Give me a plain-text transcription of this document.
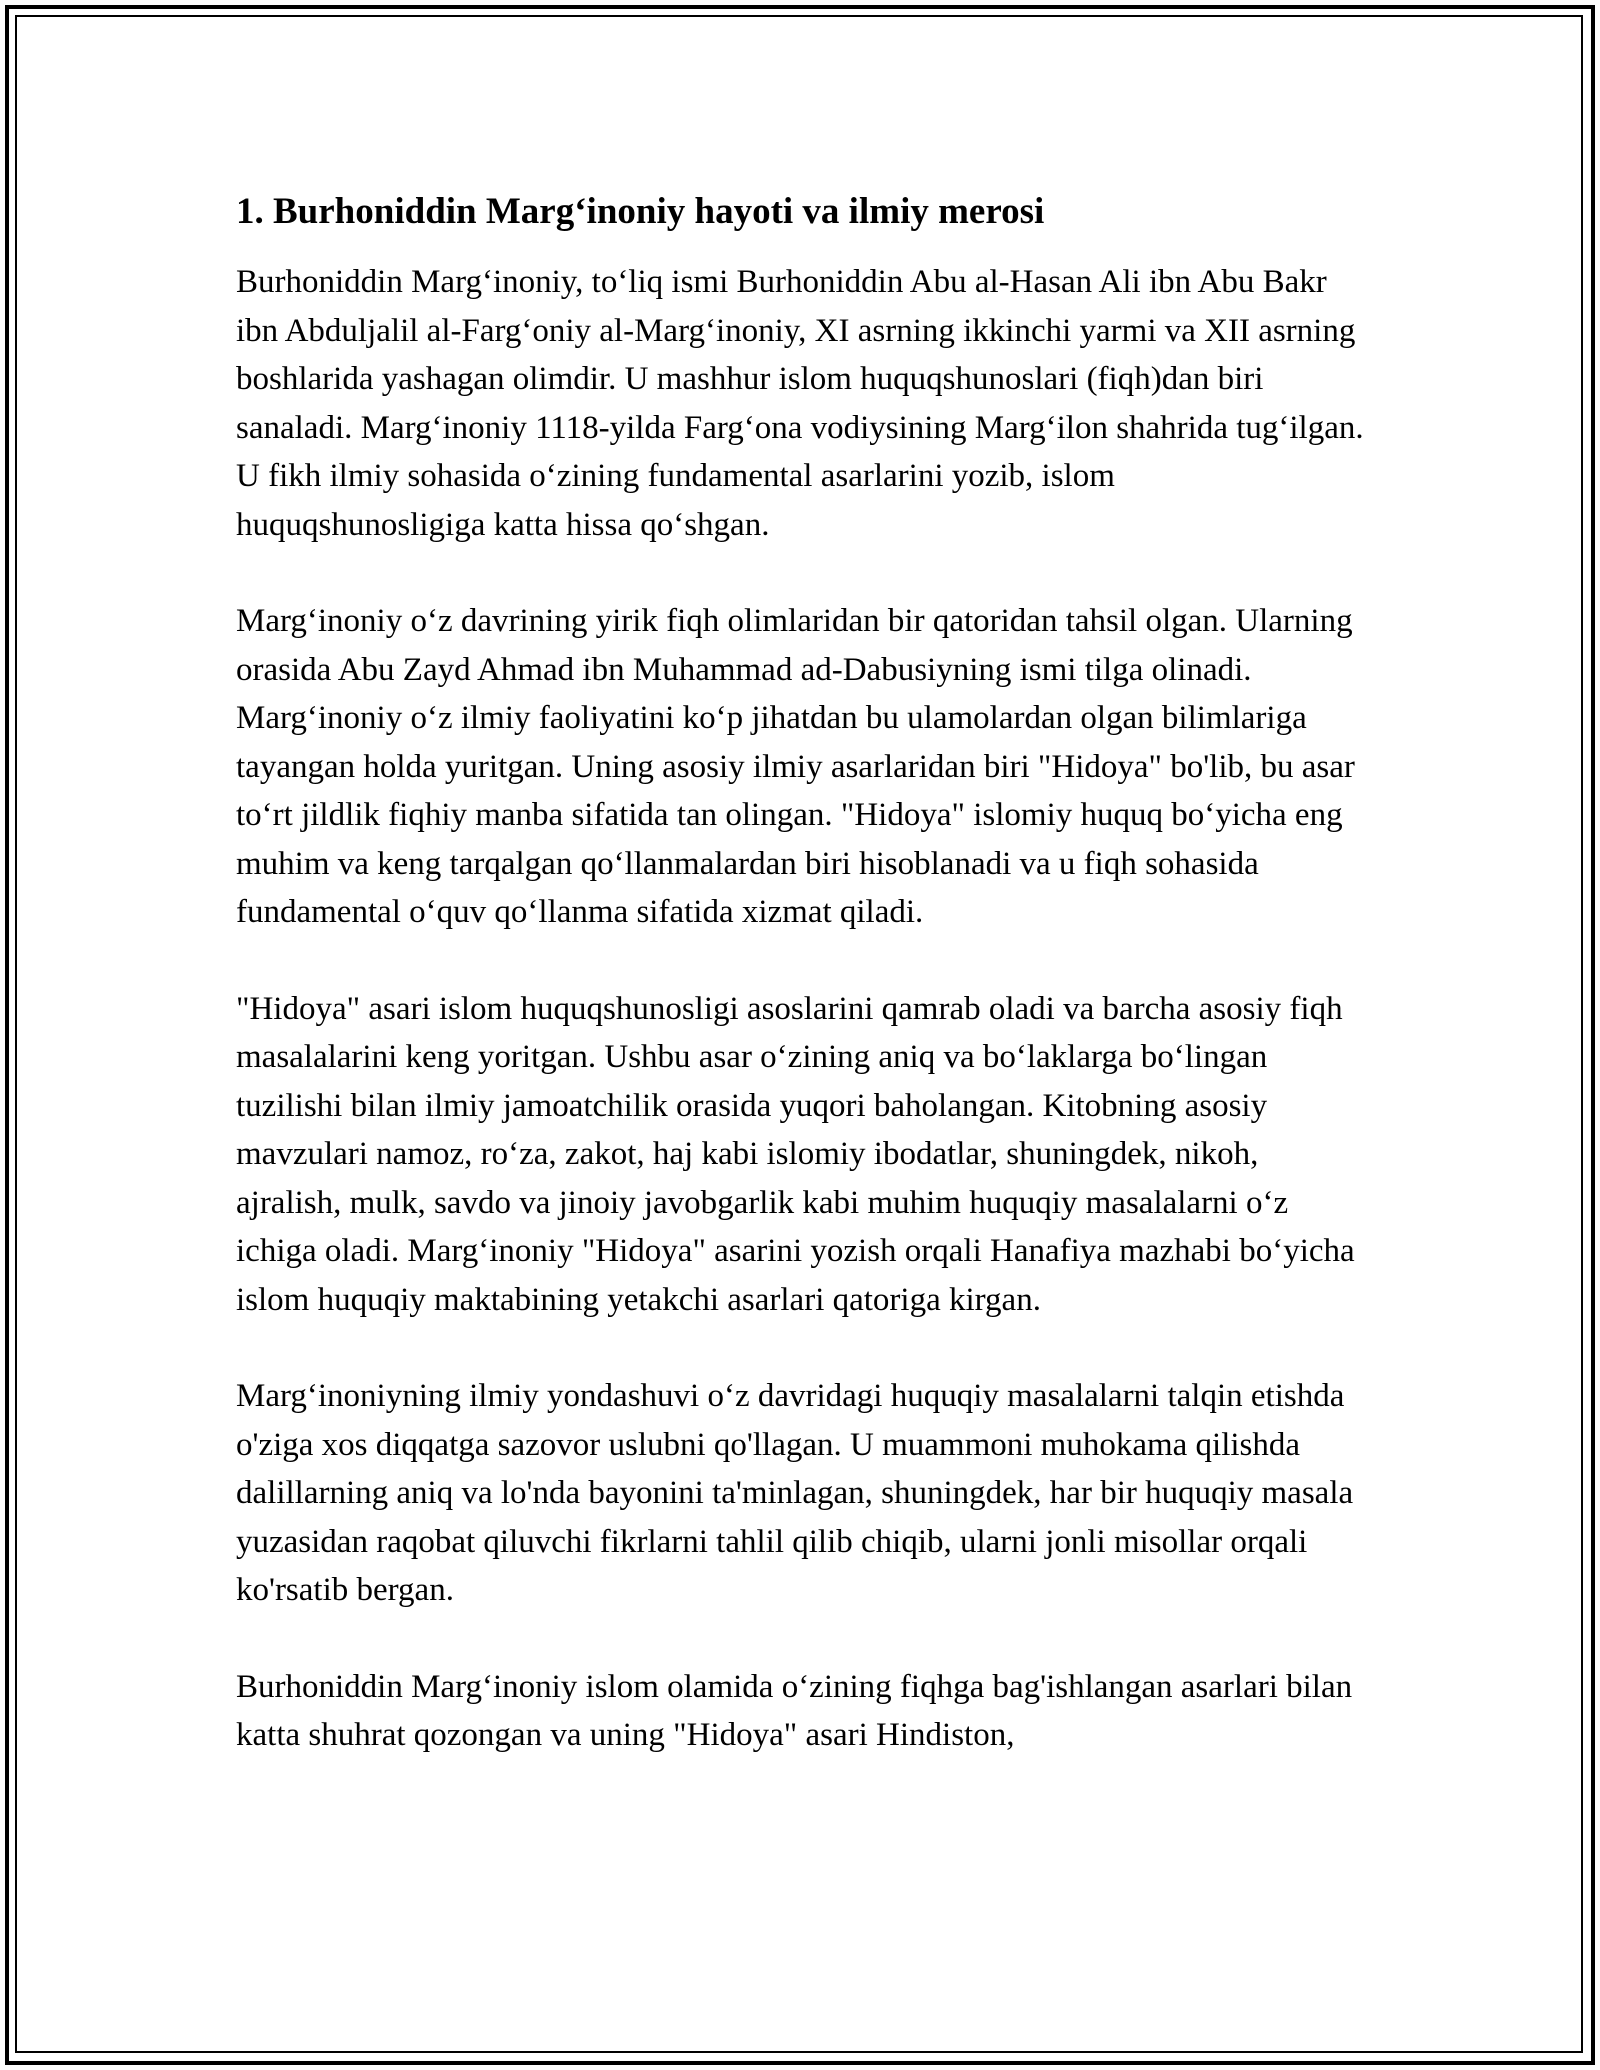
1. Burhoniddin Marg‘inoniy hayoti va ilmiy merosi

Burhoniddin Marg‘inoniy, to‘liq ismi Burhoniddin Abu al-Hasan Ali ibn Abu Bakr ibn Abduljalil al-Farg‘oniy al-Marg‘inoniy, XI asrning ikkinchi yarmi va XII asrning boshlarida yashagan olimdir. U mashhur islom huquqshunoslari (fiqh)dan biri sanaladi. Marg‘inoniy 1118-yilda Farg‘ona vodiysining Marg‘ilon shahrida tug‘ilgan. U fikh ilmiy sohasida o‘zining fundamental asarlarini yozib, islom huquqshunosligiga katta hissa qo‘shgan.

Marg‘inoniy o‘z davrining yirik fiqh olimlaridan bir qatoridan tahsil olgan. Ularning orasida Abu Zayd Ahmad ibn Muhammad ad-Dabusiyning ismi tilga olinadi. Marg‘inoniy o‘z ilmiy faoliyatini ko‘p jihatdan bu ulamolardan olgan bilimlariga tayangan holda yuritgan. Uning asosiy ilmiy asarlaridan biri "Hidoya" bo'lib, bu asar to‘rt jildlik fiqhiy manba sifatida tan olingan. "Hidoya" islomiy huquq bo‘yicha eng muhim va keng tarqalgan qo‘llanmalardan biri hisoblanadi va u fiqh sohasida fundamental o‘quv qo‘llanma sifatida xizmat qiladi.

"Hidoya" asari islom huquqshunosligi asoslarini qamrab oladi va barcha asosiy fiqh masalalarini keng yoritgan. Ushbu asar o‘zining aniq va bo‘laklarga bo‘lingan tuzilishi bilan ilmiy jamoatchilik orasida yuqori baholangan. Kitobning asosiy mavzulari namoz, ro‘za, zakot, haj kabi islomiy ibodatlar, shuningdek, nikoh, ajralish, mulk, savdo va jinoiy javobgarlik kabi muhim huquqiy masalalarni o‘z ichiga oladi. Marg‘inoniy "Hidoya" asarini yozish orqali Hanafiya mazhabi bo‘yicha islom huquqiy maktabining yetakchi asarlari qatoriga kirgan.

Marg‘inoniyning ilmiy yondashuvi o‘z davridagi huquqiy masalalarni talqin etishda o'ziga xos diqqatga sazovor uslubni qo'llagan. U muammoni muhokama qilishda dalillarning aniq va lo'nda bayonini ta'minlagan, shuningdek, har bir huquqiy masala yuzasidan raqobat qiluvchi fikrlarni tahlil qilib chiqib, ularni jonli misollar orqali ko'rsatib bergan.

Burhoniddin Marg‘inoniy islom olamida o‘zining fiqhga bag'ishlangan asarlari bilan katta shuhrat qozongan va uning "Hidoya" asari Hindiston,
